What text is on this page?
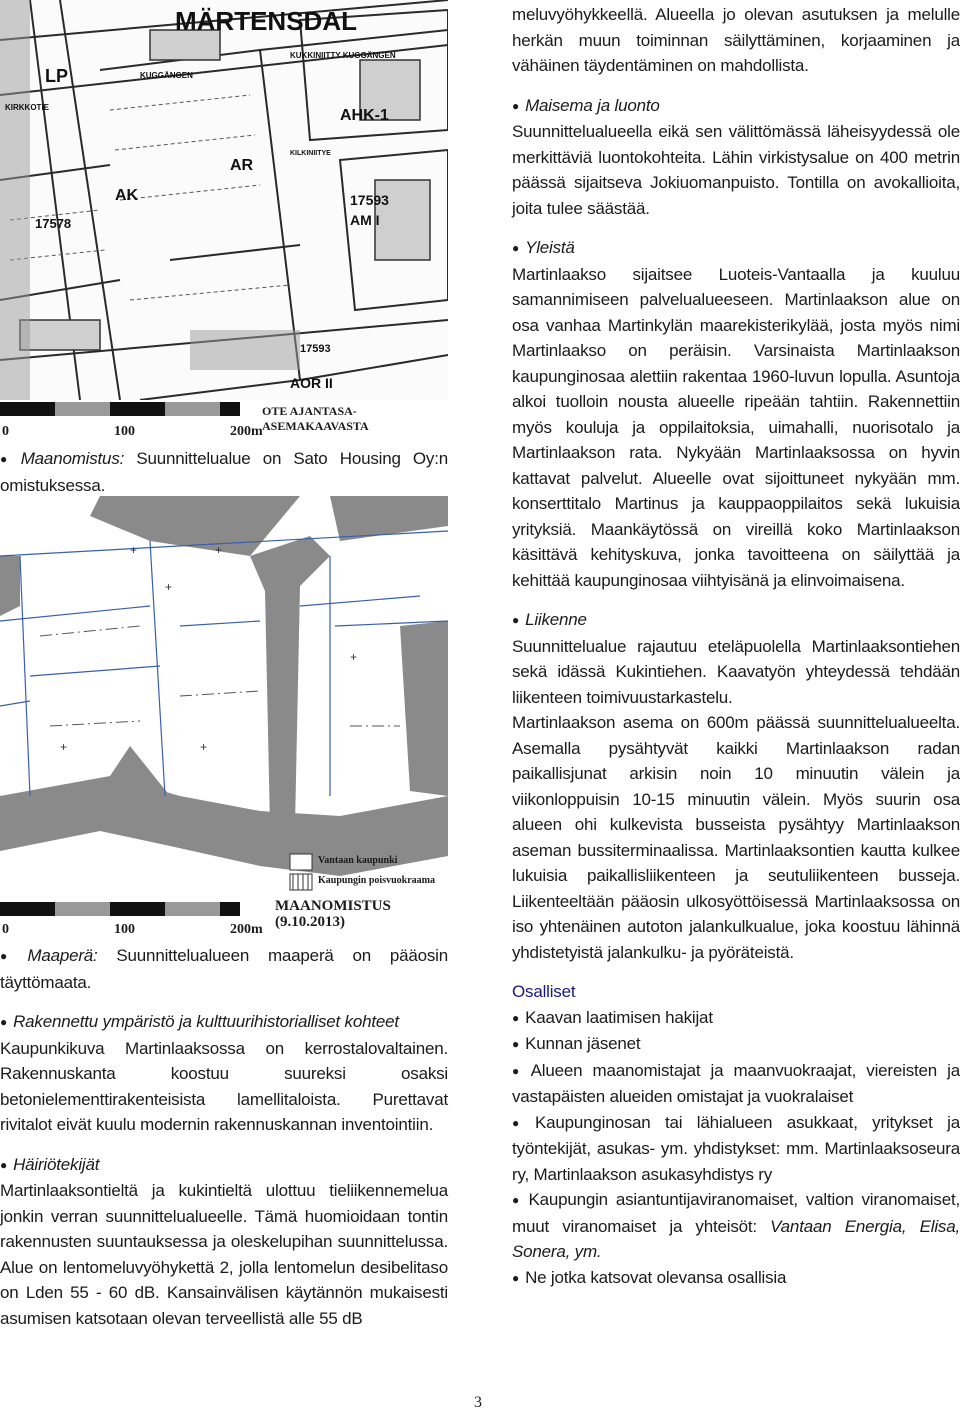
MÄRTENSDAL
KUKKINIITTY KUGGÄNGEN
LP	KUGGÄNGEN
KIRKKOTIE	AHK-1
AK
AR
17593
AM I
17578
KILKINIITYE
17593
AOR II
OTE AJANTASA-ASEMAKAAVASTA
0	100	200m

● Maanomistus: Suunnittelualue on Sato Housing Oy:n omistuksessa.

+	+
+
+
+
+
Vantaan kaupunki
Kaupungin poisvuokraama
MAANOMISTUS
(9.10.2013)
0	100	200m

● Maaperä: Suunnittelualueen maaperä on pääosin täyttömaata.

● Rakennettu ympäristö ja kulttuurihistorialliset kohteet

Kaupunkikuva Martinlaaksossa on kerrostalovaltainen. Rakennuskanta koostuu suureksi osaksi betonielementtirakenteisista lamellitaloista. Purettavat rivitalot eivät kuulu modernin rakennuskannan inventointiin.

● Häiriötekijät

Martinlaaksontieltä ja kukintieltä ulottuu tieliikennemelua jonkin verran suunnittelualueelle. Tämä huomioidaan tontin rakennusten suuntauksessa ja oleskelupihan suunnittelussa. Alue on lentomeluvyöhykettä 2, jolla lentomelun desibelitaso on Lden 55 - 60 dB. Kansainvälisen käytännön mukaisesti asumisen katsotaan olevan terveellistä alle 55 dB

meluvyöhykkeellä. Alueella jo olevan asutuksen ja melulle herkän muun toiminnan säilyttäminen, korjaaminen ja vähäinen täydentäminen on mahdollista.

● Maisema ja luonto

Suunnittelualueella eikä sen välittömässä läheisyydessä ole merkittäviä luontokohteita. Lähin virkistysalue on 400 metrin päässä sijaitseva Jokiuomanpuisto. Tontilla on avokallioita, joita tulee säästää.

● Yleistä

Martinlaakso sijaitsee Luoteis-Vantaalla ja kuuluu samannimiseen palvelualueeseen. Martinlaakson alue on osa vanhaa Martinkylän maarekisterikylää, josta myös nimi Martinlaakso on peräisin. Varsinaista Martinlaakson kaupunginosaa alettiin rakentaa 1960-luvun lopulla. Asuntoja alkoi tuolloin nousta alueelle ripeään tahtiin. Rakennettiin myös kouluja ja oppilaitoksia, uimahalli, nuorisotalo ja Martinlaakson rata. Nykyään Martinlaaksossa on hyvin kattavat palvelut. Alueelle ovat sijoittuneet nykyään mm. konserttitalo Martinus ja kauppaoppilaitos sekä lukuisia yrityksiä. Maankäytössä on vireillä koko Martinlaakson käsittävä kehityskuva, jonka tavoitteena on säilyttää ja kehittää kaupunginosaa viihtyisänä ja elinvoimaisena.

● Liikenne

Suunnittelualue rajautuu eteläpuolella Martinlaaksontiehen sekä idässä Kukintiehen. Kaavatyön yhteydessä tehdään liikenteen toimivuustarkastelu.

Martinlaakson asema on 600m päässä suunnittelualueelta. Asemalla pysähtyvät kaikki Martinlaakson radan paikallisjunat arkisin noin 10 minuutin välein ja viikonloppuisin 10-15 minuutin välein. Myös suurin osa alueen ohi kulkevista busseista pysähtyy Martinlaakson aseman bussiterminaalissa. Martinlaaksontien kautta kulkee lukuisia paikallisliikenteen ja seutuliikenteen busseja. Liikenteeltään pääosin ulkosyöttöisessä Martinlaaksossa on iso yhtenäinen autoton jalankulkualue, joka koostuu lähinnä yhdistetyistä jalankulku- ja pyöräteistä.

Osalliset

● Kaavan laatimisen hakijat

● Kunnan jäsenet

● Alueen maanomistajat ja maanvuokraajat, viereisten ja vastapäisten alueiden omistajat ja vuokralaiset

● Kaupunginosan tai lähialueen asukkaat, yritykset ja työntekijät, asukas- ym. yhdistykset: mm. Martinlaaksoseura ry, Martinlaakson asukasyhdistys ry

● Kaupungin asiantuntijaviranomaiset, valtion viranomaiset, muut viranomaiset ja yhteisöt: Vantaan Energia, Elisa, Sonera, ym.

● Ne jotka katsovat olevansa osallisia

3
